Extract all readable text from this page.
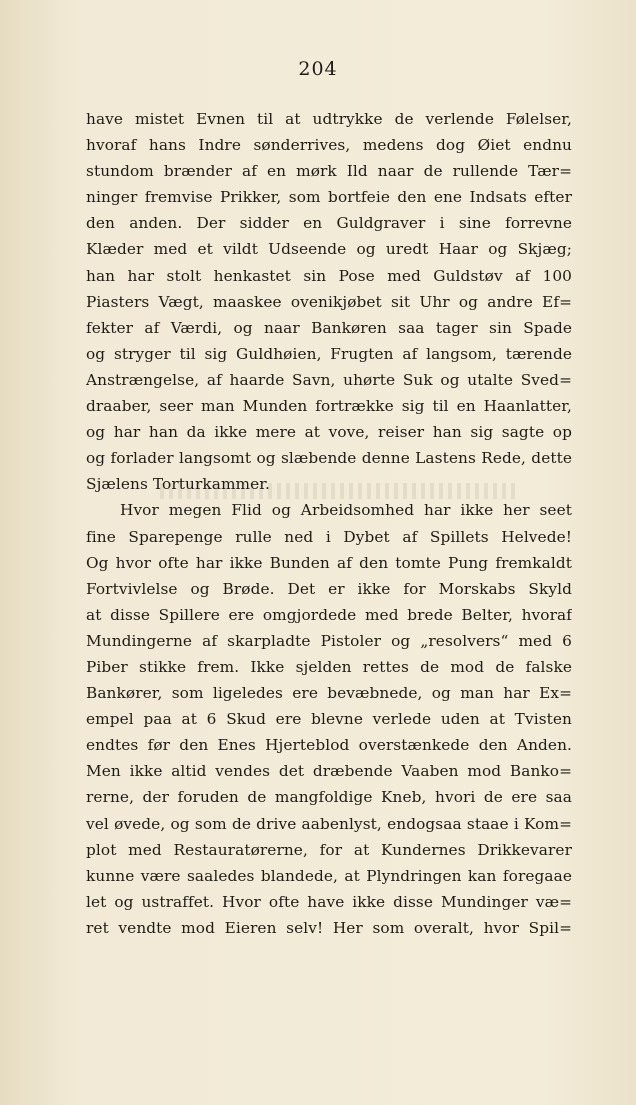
204
have mistet Evnen til at udtrykke de verlende Følelser,
hvoraf hans Indre sønderrives, medens dog Øiet endnu
stundom brænder af en mørk Ild naar de rullende Tær=
ninger fremvise Prikker, som bortfeie den ene Indsats efter
den anden. Der sidder en Guldgraver i sine forrevne
Klæder med et vildt Udseende og uredt Haar og Skjæg;
han har stolt henkastet sin Pose med Guldstøv af 100
Piasters Vægt, maaskee ovenikjøbet sit Uhr og andre Ef=
fekter af Værdi, og naar Bankøren saa tager sin Spade
og stryger til sig Guldhøien, Frugten af langsom, tærende
Anstrængelse, af haarde Savn, uhørte Suk og utalte Sved=
draaber, seer man Munden fortrække sig til en Haanlatter,
og har han da ikke mere at vove, reiser han sig sagte op
og forlader langsomt og slæbende denne Lastens Rede, dette
Sjælens Torturkammer.
Hvor megen Flid og Arbeidsomhed har ikke her seet
fine Sparepenge rulle ned i Dybet af Spillets Helvede!
Og hvor ofte har ikke Bunden af den tomte Pung fremkaldt
Fortvivlelse og Brøde. Det er ikke for Morskabs Skyld
at disse Spillere ere omgjordede med brede Belter, hvoraf
Mundingerne af skarpladte Pistoler og „resolvers“ med 6
Piber stikke frem. Ikke sjelden rettes de mod de falske
Bankører, som ligeledes ere bevæbnede, og man har Ex=
empel paa at 6 Skud ere blevne verlede uden at Tvisten
endtes før den Enes Hjerteblod overstænkede den Anden.
Men ikke altid vendes det dræbende Vaaben mod Banko=
rerne, der foruden de mangfoldige Kneb, hvori de ere saa
vel øvede, og som de drive aabenlyst, endogsaa staae i Kom=
plot med Restauratørerne, for at Kundernes Drikkevarer
kunne være saaledes blandede, at Plyndringen kan foregaae
let og ustraffet. Hvor ofte have ikke disse Mundinger væ=
ret vendte mod Eieren selv! Her som overalt, hvor Spil=
